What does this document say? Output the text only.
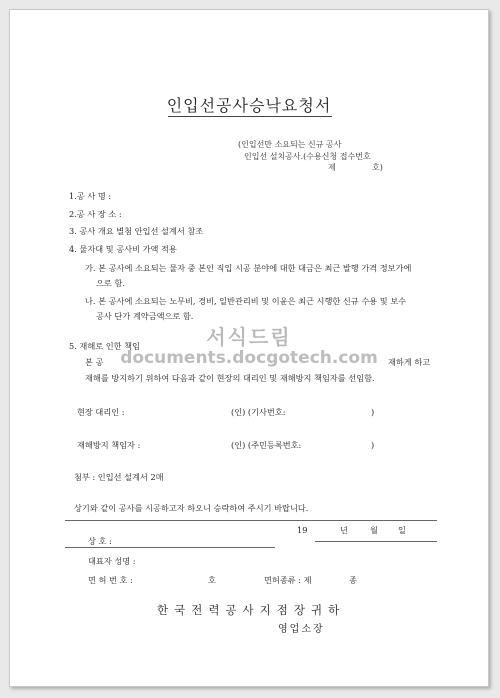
인입선공사승낙요청서
(인입선만 소요되는 신규 공사
인입선 설치공사.(수용신청 접수번호
제	호)
1.공 사 명 :
2.공 사 장 소 :
3. 공사 개요 별첨 안입선 설계서 참조
4. 물자대 및 공사비 가액 적용
가. 본 공사에 소요되는 물자 중 본인 직입 시공 분야에 대한 대금은 최근 발행 가격 정보가에
으로 함.
나. 본 공사에 소요되는 노무비, 경비, 일반관리비 및 이윤은 최근 시행한 신규 수용 및 보수
공사 단가 계약금액으로 함.
5. 재해로 인한 책임
본 공	재하게 하고
재해를 방지하기 위하여 다음과 같이 현장의 대리인 및 재해방지 책임자를 선임함.
서식드림
documents.docgotech.com
현장 대리인 :	(인) (기사번호:	)
재해방지 책임자 :	(인) (주민등록번호:	)
첨부 : 인입선 설계서 2매
상기와 같이 공사를 시공하고자 하오니 승락하여 주시기 바랍니다.
19	년	월 일
상 호 :
대표자 성명 :
면 허 번 호 :	호	면허종류 : 제	종
한국전력공사지점장귀하
영업소장
